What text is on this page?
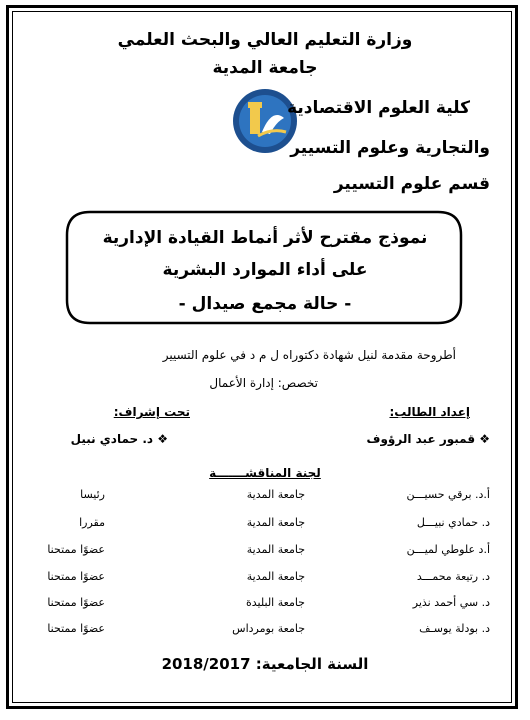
وزارة التعليم العالي والبحث العلمي
جامعة المدية
كلية العلوم الاقتصادية
والتجارية وعلوم التسيير
قسم علوم التسيير
نموذج مقترح لأثر أنماط القيادة الإدارية
على أداء الموارد البشرية
- حالة مجمع صيدال -
أطروحة مقدمة لنيل شهادة دكتوراه ل م د في علوم التسيير
تخصص: إدارة الأعمال
إعداد الطالب:
❖ قمبور عبد الرؤوف
تحت إشراف:
❖ د. حمادي نبيل
لجنة المناقشـــــــة
أ.د. برقي حسيـــن
جامعة المدية
رئيسا
د. حمادي نبيـــل
جامعة المدية
مقررا
أ.د علوطي لميـــن
جامعة المدية
عضوًا ممتحنا
د. رتيعة محمـــد
جامعة المدية
عضوًا ممتحنا
د. سي أحمد نذير
جامعة البليدة
عضوًا ممتحنا
د. بودلة يوسـف
جامعة بومرداس
عضوًا ممتحنا
السنة الجامعية: 2018/2017
